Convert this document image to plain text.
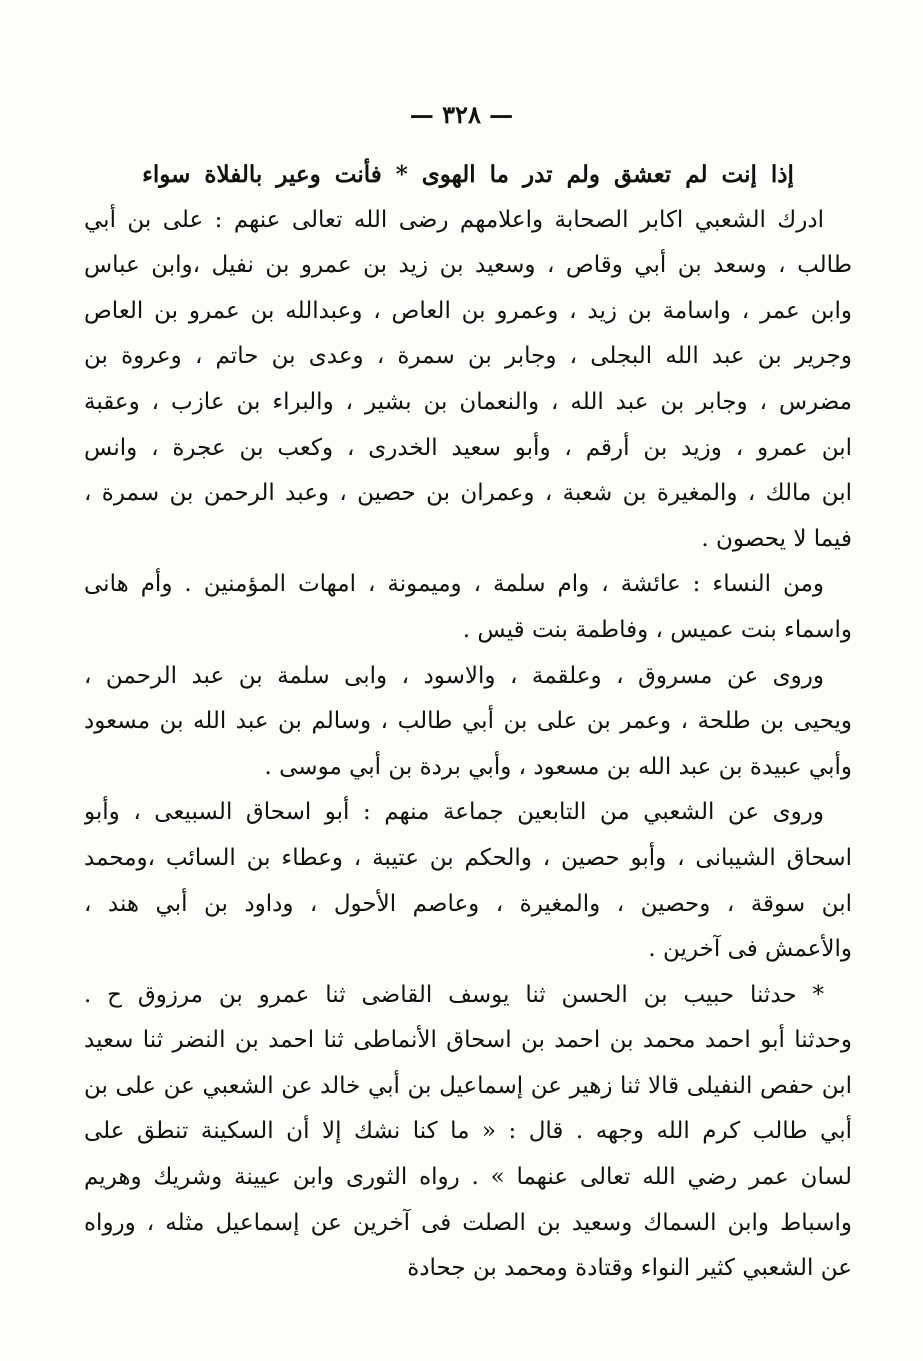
— ٣٢٨ —
إذا إنت لم تعشق ولم تدر ما الهوى * فأنت وعير بالفلاة سواء
ادرك الشعبي اكابر الصحابة واعلامهم رضى الله تعالى عنهم : على بن أبي
طالب ، وسعد بن أبي وقاص ، وسعيد بن زيد بن عمرو بن نفيل ،وابن عباس
وابن عمر ، واسامة بن زيد ، وعمرو بن العاص ، وعبدالله بن عمرو بن العاص
وجرير بن عبد الله البجلى ، وجابر بن سمرة ، وعدى بن حاتم ، وعروة بن
مضرس ، وجابر بن عبد الله ، والنعمان بن بشير ، والبراء بن عازب ، وعقبة
ابن عمرو ، وزيد بن أرقم ، وأبو سعيد الخدرى ، وكعب بن عجرة ، وانس
ابن مالك ، والمغيرة بن شعبة ، وعمران بن حصين ، وعبد الرحمن بن سمرة ،
فيما لا يحصون .
ومن النساء : عائشة ، وام سلمة ، وميمونة ، امهات المؤمنين . وأم هانى
واسماء بنت عميس ، وفاطمة بنت قيس .
وروى عن مسروق ، وعلقمة ، والاسود ، وابى سلمة بن عبد الرحمن ،
ويحيى بن طلحة ، وعمر بن على بن أبي طالب ، وسالم بن عبد الله بن مسعود
وأبي عبيدة بن عبد الله بن مسعود ، وأبي بردة بن أبي موسى .
وروى عن الشعبي من التابعين جماعة منهم : أبو اسحاق السبيعى ، وأبو
اسحاق الشيبانى ، وأبو حصين ، والحكم بن عتيبة ، وعطاء بن السائب ،ومحمد
ابن سوقة ، وحصين ، والمغيرة ، وعاصم الأحول ، وداود بن أبي هند ،
والأعمش فى آخرين .
* حدثنا حبيب بن الحسن ثنا يوسف القاضى ثنا عمرو بن مرزوق ح .
وحدثنا أبو احمد محمد بن احمد بن اسحاق الأنماطى ثنا احمد بن النضر ثنا سعيد
ابن حفص النفيلى قالا ثنا زهير عن إسماعيل بن أبي خالد عن الشعبي عن على بن
أبي طالب كرم الله وجهه . قال : « ما كنا نشك إلا أن السكينة تنطق على
لسان عمر رضي الله تعالى عنهما » . رواه الثورى وابن عيينة وشريك وهريم
واسباط وابن السماك وسعيد بن الصلت فى آخرين عن إسماعيل مثله ، ورواه
عن الشعبي كثير النواء وقتادة ومحمد بن جحادة
